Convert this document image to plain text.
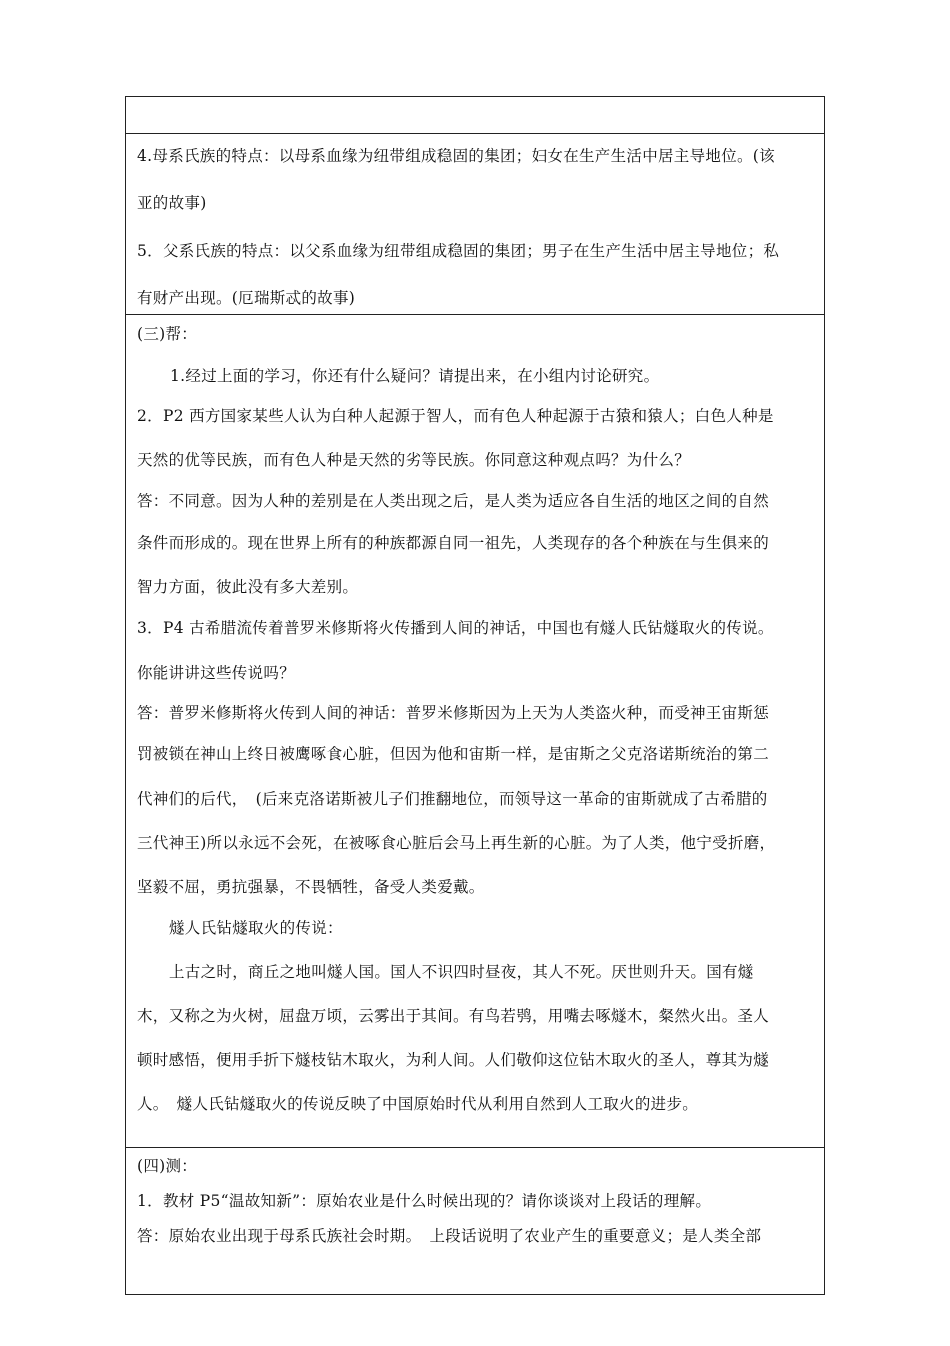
4.母系氏族的特点：以母系血缘为纽带组成稳固的集团；妇女在生产生活中居主导地位。(该
亚的故事)
5．父系氏族的特点：以父系血缘为纽带组成稳固的集团；男子在生产生活中居主导地位；私
有财产出现。(厄瑞斯忒的故事)

(三)帮：
1.经过上面的学习，你还有什么疑问？请提出来，在小组内讨论研究。
2．P2 西方国家某些人认为白种人起源于智人，而有色人种起源于古猿和猿人；白色人种是
天然的优等民族，而有色人种是天然的劣等民族。你同意这种观点吗？为什么？
答：不同意。因为人种的差别是在人类出现之后，是人类为适应各自生活的地区之间的自然
条件而形成的。现在世界上所有的种族都源自同一祖先，人类现存的各个种族在与生俱来的
智力方面，彼此没有多大差别。
3．P4 古希腊流传着普罗米修斯将火传播到人间的神话，中国也有燧人氏钻燧取火的传说。
你能讲讲这些传说吗？
答：普罗米修斯将火传到人间的神话：普罗米修斯因为上天为人类盗火种，而受神王宙斯惩
罚被锁在神山上终日被鹰啄食心脏，但因为他和宙斯一样，是宙斯之父克洛诺斯统治的第二
代神们的后代，　(后来克洛诺斯被儿子们推翻地位，而领导这一革命的宙斯就成了古希腊的
三代神王)所以永远不会死，在被啄食心脏后会马上再生新的心脏。为了人类，他宁受折磨，
坚毅不屈，勇抗强暴，不畏牺牲，备受人类爱戴。
燧人氏钻燧取火的传说：
上古之时，商丘之地叫燧人国。国人不识四时昼夜，其人不死。厌世则升天。国有燧
木，又称之为火树，屈盘万顷，云雾出于其间。有鸟若鸮，用嘴去啄燧木，粲然火出。圣人
顿时感悟，便用手折下燧枝钻木取火，为利人间。人们敬仰这位钻木取火的圣人，尊其为燧
人。　燧人氏钻燧取火的传说反映了中国原始时代从利用自然到人工取火的进步。

(四)测：
1．教材 P5“温故知新”：原始农业是什么时候出现的？请你谈谈对上段话的理解。
答：原始农业出现于母系氏族社会时期。　上段话说明了农业产生的重要意义；是人类全部
